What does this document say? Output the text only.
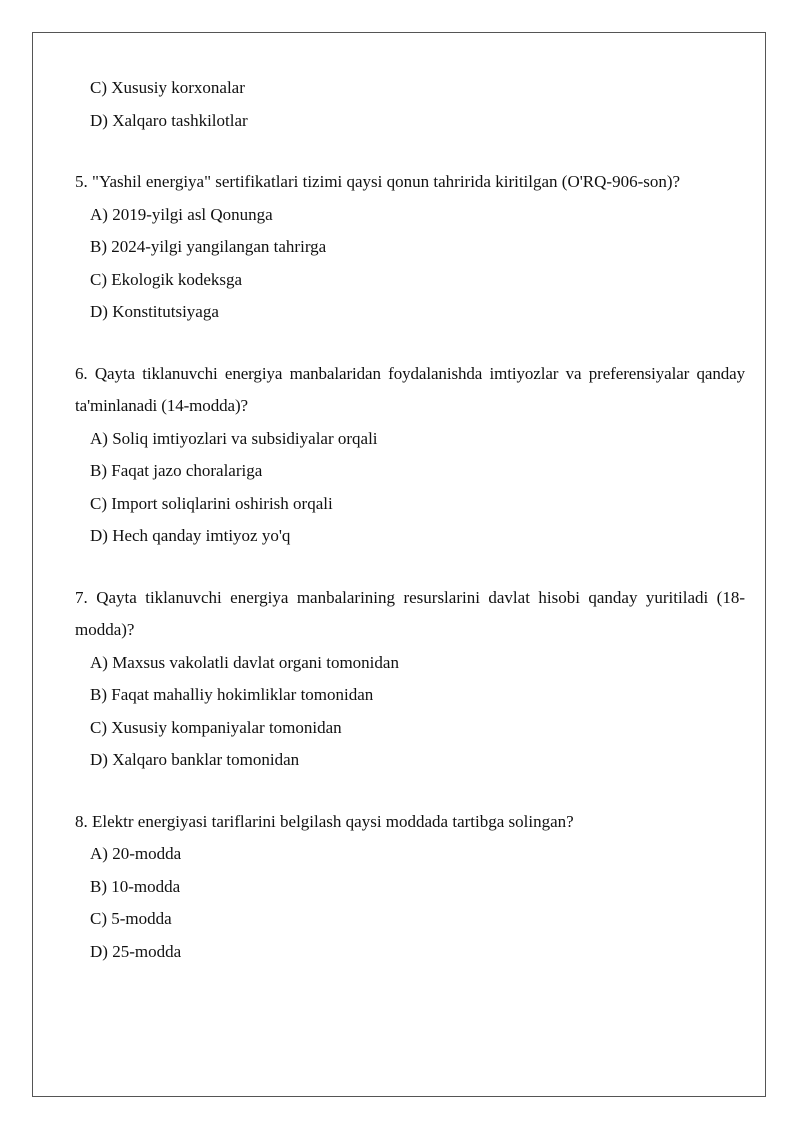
C) Xususiy korxonalar
D) Xalqaro tashkilotlar
5. "Yashil energiya" sertifikatlari tizimi qaysi qonun tahririda kiritilgan (O'RQ-906-son)?
A) 2019-yilgi asl Qonunga
B) 2024-yilgi yangilangan tahrirga
C) Ekologik kodeksga
D) Konstitutsiyaga
6. Qayta tiklanuvchi energiya manbalaridan foydalanishda imtiyozlar va preferensiyalar qanday ta'minlanadi (14-modda)?
A) Soliq imtiyozlari va subsidiyalar orqali
B) Faqat jazo choralariga
C) Import soliqlarini oshirish orqali
D) Hech qanday imtiyoz yo'q
7. Qayta tiklanuvchi energiya manbalarining resurslarini davlat hisobi qanday yuritiladi (18-modda)?
A) Maxsus vakolatli davlat organi tomonidan
B) Faqat mahalliy hokimliklar tomonidan
C) Xususiy kompaniyalar tomonidan
D) Xalqaro banklar tomonidan
8. Elektr energiyasi tariflarini belgilash qaysi moddada tartibga solingan?
A) 20-modda
B) 10-modda
C) 5-modda
D) 25-modda
